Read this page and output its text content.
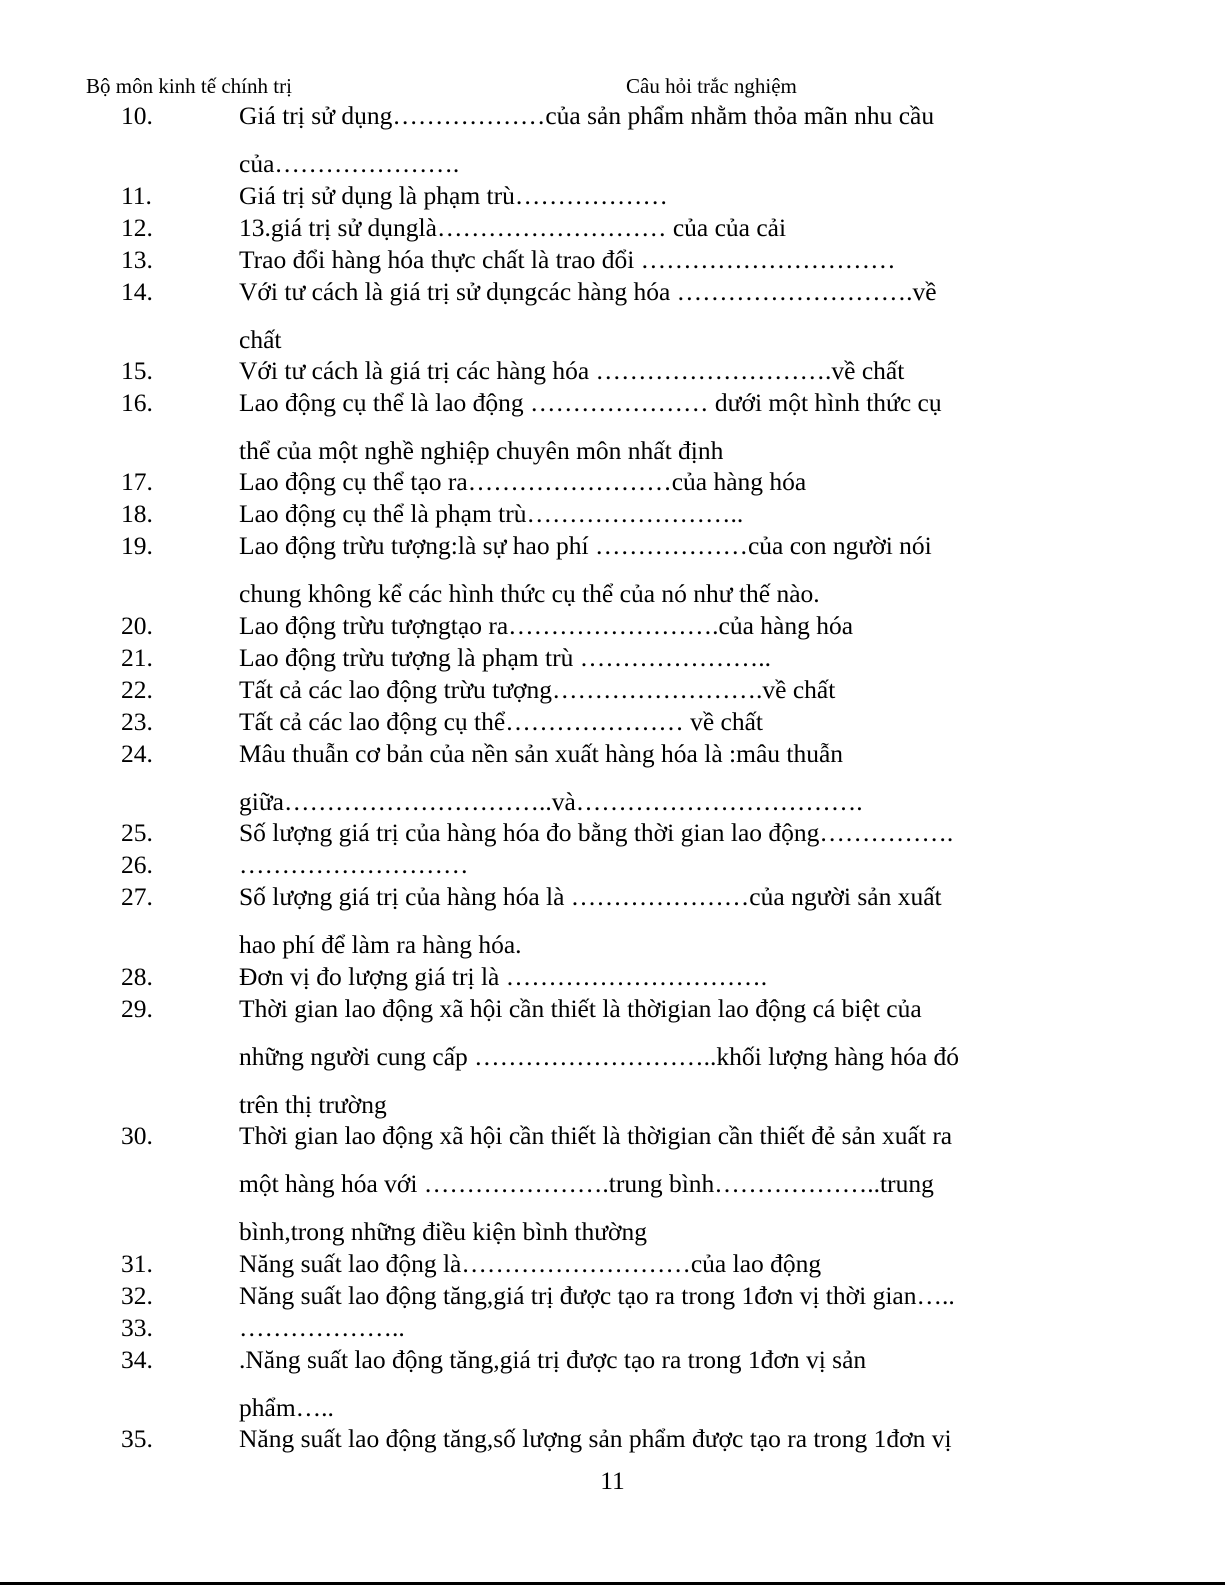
Bộ môn kinh tế chính trị	Câu hỏi trắc nghiệm
10.	Giá trị sử dụng………………của sản phẩm nhằm thỏa mãn nhu cầu
của………………….
11.	Giá trị sử dụng là phạm trù………………
12.	13.giá trị sử dụnglà……………………… của của cải
13.	Trao đổi hàng hóa thực chất là trao đổi …………………………
14.	Với tư cách là giá trị sử dụngcác hàng hóa ……………………….về
chất
15.	Với tư cách là giá trị các hàng hóa ……………………….về chất
16.	Lao động cụ thể là lao động ………………… dưới một hình thức cụ
thể của một nghề nghiệp chuyên môn nhất định
17.	Lao động cụ thể tạo ra……………………của hàng hóa
18.	Lao động cụ thể là phạm trù……………………..
19.	Lao động trừu tượng:là sự hao phí ………………của con người nói
chung không kể các hình thức cụ thể của nó như thế nào.
20.	Lao động trừu tượngtạo ra…………………….của hàng hóa
21.	Lao động trừu tượng là phạm trù …………………..
22.	Tất cả các lao động trừu tượng…………………….về chất
23.	Tất cả các lao động cụ thể………………… về chất
24.	Mâu thuẫn cơ bản của nền sản xuất hàng hóa là :mâu thuẫn
giữa…………………………..và…………………………….
25.	Số lượng giá trị của hàng hóa đo bằng thời gian lao động…………….
26.	………………………
27.	Số lượng giá trị của hàng hóa là …………………của người sản xuất
hao phí để làm ra hàng hóa.
28.	Đơn vị đo lượng giá trị là ………………………….
29.	Thời gian lao động xã hội cần thiết là thờigian lao động cá biệt của
những người cung cấp ………………………..khối lượng hàng hóa đó
trên thị trường
30.	Thời gian lao động xã hội cần thiết là thờigian cần thiết đẻ sản xuất ra
một hàng hóa với ………………….trung bình………………..trung
bình,trong những điều kiện bình thường
31.	Năng suất lao động là………………………của lao động
32.	Năng suất lao động tăng,giá trị được tạo ra trong 1đơn vị thời gian…..
33.	………………..
34.	.Năng suất lao động tăng,giá trị được tạo ra trong 1đơn vị sản
phẩm…..
35.	Năng suất lao động tăng,số lượng sản phẩm được tạo ra trong 1đơn vị
11
